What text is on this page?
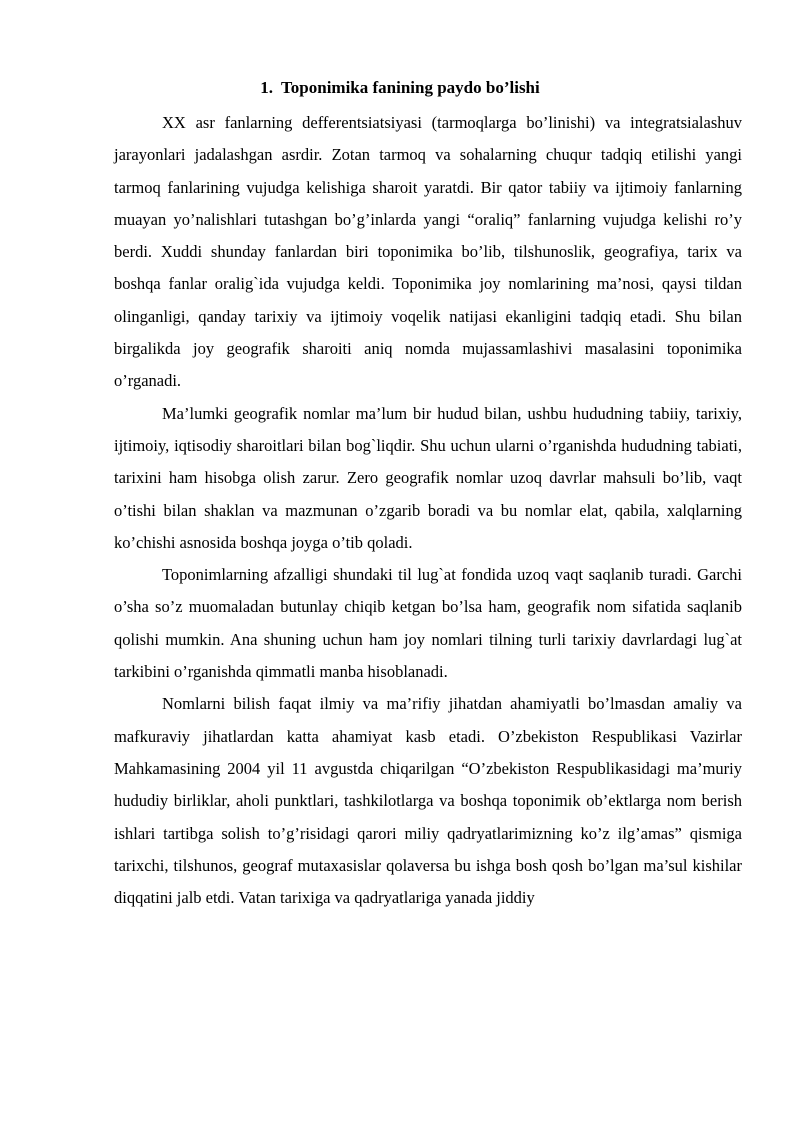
1. Toponimika fanining paydo bo’lishi

XX asr fanlarning defferentsiatsiyasi (tarmoqlarga bo’linishi) va integratsialashuv jarayonlari jadalashgan asrdir. Zotan tarmoq va sohalarning chuqur tadqiq etilishi yangi tarmoq fanlarining vujudga kelishiga sharoit yaratdi. Bir qator tabiiy va ijtimoiy fanlarning muayan yo’nalishlari tutashgan bo’g’inlarda yangi “oraliq” fanlarning vujudga kelishi ro’y berdi. Xuddi shunday fanlardan biri toponimika bo’lib, tilshunoslik, geografiya, tarix va boshqa fanlar oralig`ida vujudga keldi. Toponimika joy nomlarining ma’nosi, qaysi tildan olinganligi, qanday tarixiy va ijtimoiy voqelik natijasi ekanligini tadqiq etadi. Shu bilan birgalikda joy geografik sharoiti aniq nomda mujassamlashivi masalasini toponimika o’rganadi.

Ma’lumki geografik nomlar ma’lum bir hudud bilan, ushbu hududning tabiiy, tarixiy, ijtimoiy, iqtisodiy sharoitlari bilan bog`liqdir. Shu uchun ularni o’rganishda hududning tabiati, tarixini ham hisobga olish zarur. Zero geografik nomlar uzoq davrlar mahsuli bo’lib, vaqt o’tishi bilan shaklan va mazmunan o’zgarib boradi va bu nomlar elat, qabila, xalqlarning ko’chishi asnosida boshqa joyga o’tib qoladi.

Toponimlarning afzalligi shundaki til lug`at fondida uzoq vaqt saqlanib turadi. Garchi o’sha so’z muomaladan butunlay chiqib ketgan bo’lsa ham, geografik nom sifatida saqlanib qolishi mumkin. Ana shuning uchun ham joy nomlari tilning turli tarixiy davrlardagi lug`at tarkibini o’rganishda qimmatli manba hisoblanadi.

Nomlarni bilish faqat ilmiy va ma’rifiy jihatdan ahamiyatli bo’lmasdan amaliy va mafkuraviy jihatlardan katta ahamiyat kasb etadi. O’zbekiston Respublikasi Vazirlar Mahkamasining 2004 yil 11 avgustda chiqarilgan “O’zbekiston Respublikasidagi ma’muriy hududiy birliklar, aholi punktlari, tashkilotlarga va boshqa toponimik ob’ektlarga nom berish ishlari tartibga solish to’g’risidagi qarori miliy qadryatlarimizning ko’z ilg’amas” qismiga tarixchi, tilshunos, geograf mutaxasislar qolaversa bu ishga bosh qosh bo’lgan ma’sul kishilar diqqatini jalb etdi. Vatan tarixiga va qadryatlariga yanada jiddiy
